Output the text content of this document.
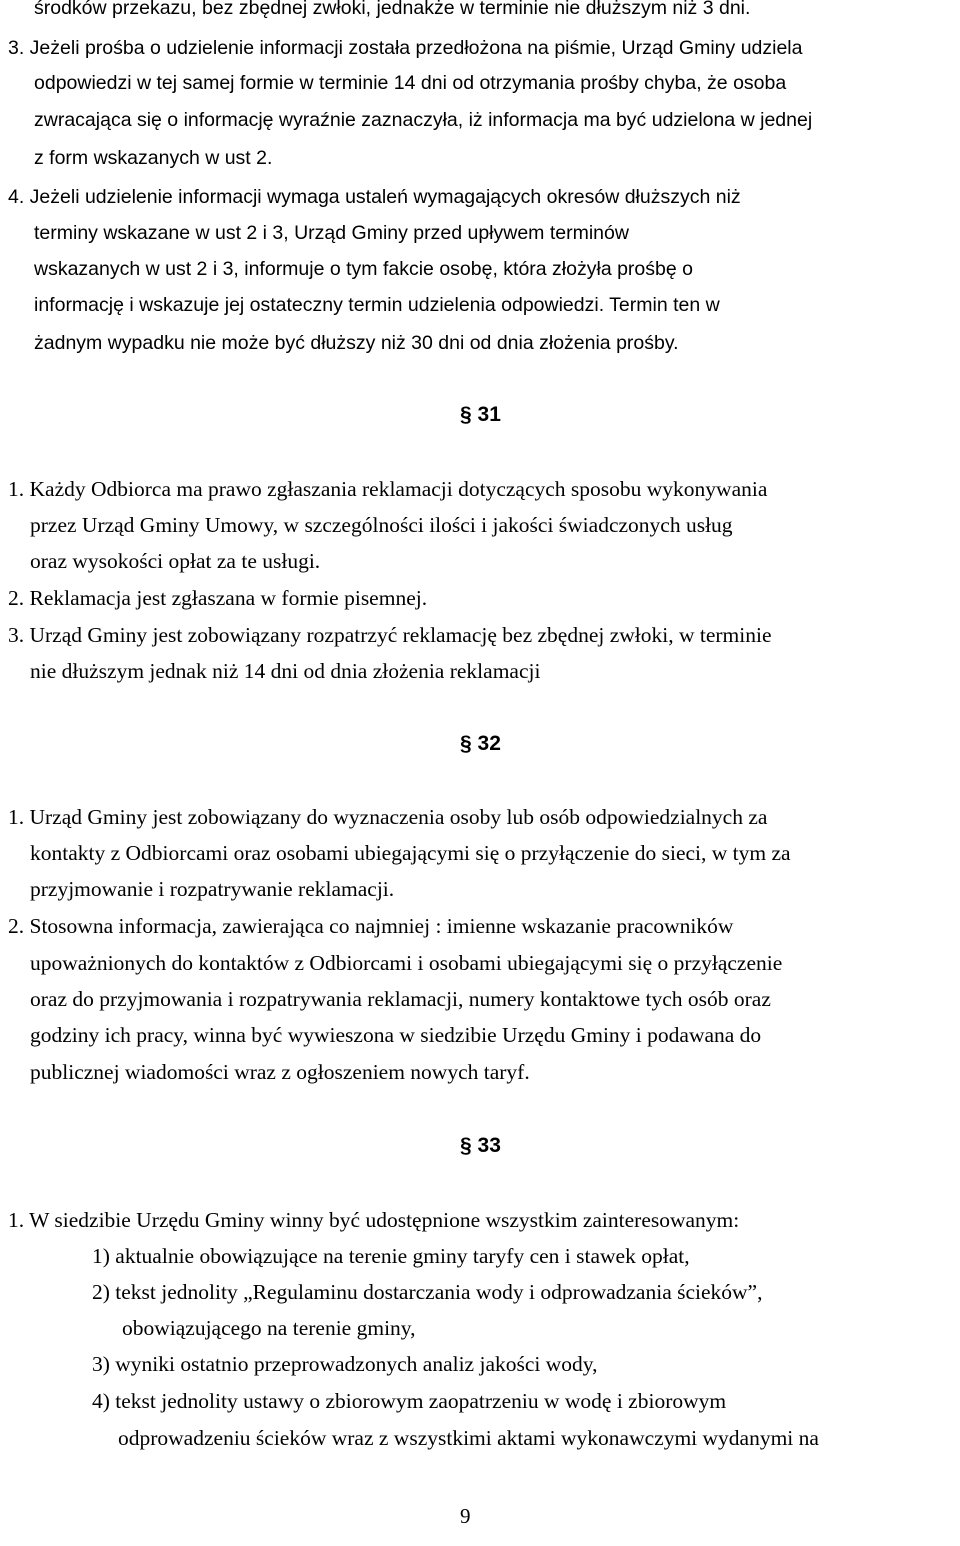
środków przekazu, bez zbędnej zwłoki, jednakże w terminie nie dłuższym niż 3 dni.
3. Jeżeli prośba o udzielenie informacji została przedłożona na piśmie, Urząd Gminy udziela
odpowiedzi w tej samej formie w terminie 14 dni od otrzymania prośby chyba, że osoba
zwracająca się o informację wyraźnie zaznaczyła, iż informacja ma być udzielona w jednej
z form wskazanych w ust 2.
4. Jeżeli udzielenie informacji wymaga ustaleń wymagających okresów dłuższych niż
terminy wskazane w ust 2 i 3, Urząd Gminy przed upływem terminów
wskazanych w ust 2 i 3, informuje o tym fakcie osobę, która złożyła prośbę o
informację i wskazuje jej ostateczny termin udzielenia odpowiedzi. Termin ten w
żadnym wypadku nie może być dłuższy niż 30 dni od dnia złożenia prośby.
§ 31
1. Każdy Odbiorca ma prawo zgłaszania reklamacji dotyczących sposobu wykonywania
przez Urząd Gminy Umowy, w szczególności ilości i jakości świadczonych usług
oraz wysokości opłat za te usługi.
2. Reklamacja jest zgłaszana w formie pisemnej.
3. Urząd Gminy jest zobowiązany rozpatrzyć reklamację bez zbędnej zwłoki, w terminie
nie dłuższym jednak niż 14 dni od dnia złożenia reklamacji
§ 32
1. Urząd Gminy jest zobowiązany do wyznaczenia osoby lub osób odpowiedzialnych za
kontakty z Odbiorcami oraz osobami ubiegającymi się o przyłączenie do sieci, w tym za
przyjmowanie i rozpatrywanie reklamacji.
2. Stosowna informacja, zawierająca co najmniej : imienne wskazanie pracowników
upoważnionych do kontaktów z Odbiorcami i osobami ubiegającymi się o przyłączenie
oraz do przyjmowania i rozpatrywania reklamacji, numery kontaktowe tych osób oraz
godziny ich pracy, winna być wywieszona w siedzibie Urzędu Gminy i podawana do
publicznej wiadomości wraz z ogłoszeniem nowych taryf.
§ 33
1. W siedzibie Urzędu Gminy winny być udostępnione wszystkim zainteresowanym:
1) aktualnie obowiązujące na terenie gminy taryfy cen i stawek opłat,
2) tekst jednolity „Regulaminu dostarczania wody i odprowadzania ścieków”,
obowiązującego na terenie gminy,
3) wyniki ostatnio przeprowadzonych analiz jakości wody,
4) tekst jednolity ustawy o zbiorowym zaopatrzeniu w wodę i zbiorowym
odprowadzeniu ścieków wraz z wszystkimi aktami wykonawczymi wydanymi na
9
